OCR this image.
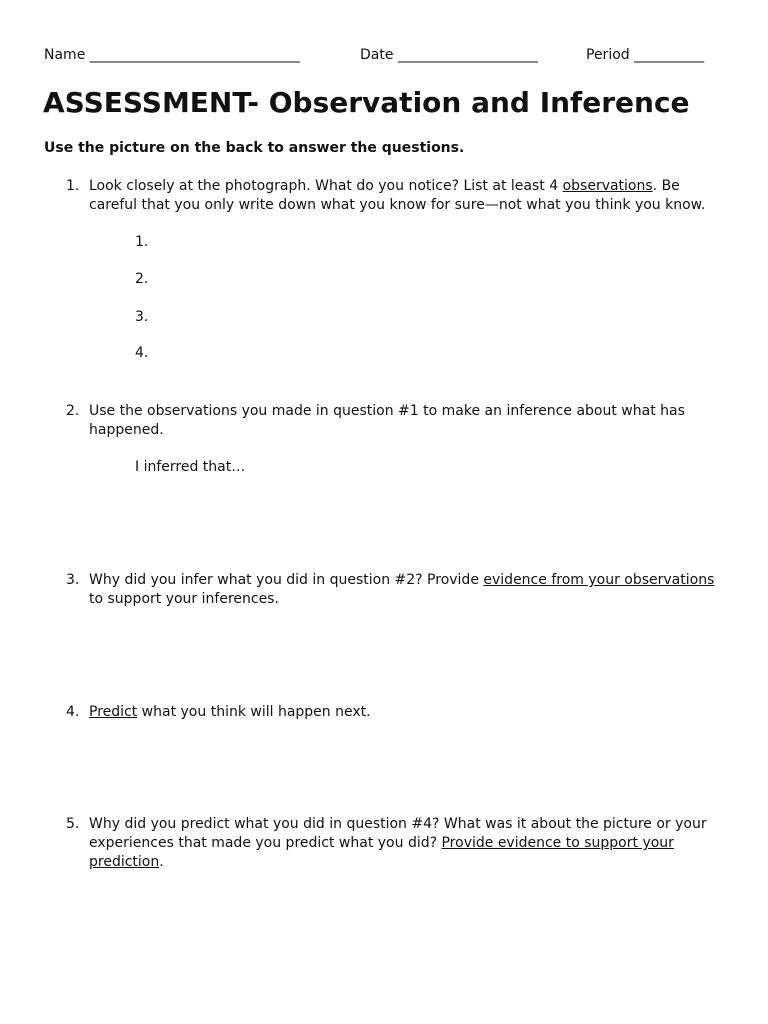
Name ______________________________	Date ____________________	Period __________
ASSESSMENT- Observation and Inference
Use the picture on the back to answer the questions.
1. Look closely at the photograph. What do you notice? List at least 4 observations. Be careful that you only write down what you know for sure—not what you think you know.
1.
2.
3.
4.
2. Use the observations you made in question #1 to make an inference about what has happened.
I inferred that…
3. Why did you infer what you did in question #2? Provide evidence from your observations to support your inferences.
4. Predict what you think will happen next.
5. Why did you predict what you did in question #4? What was it about the picture or your experiences that made you predict what you did? Provide evidence to support your prediction.
